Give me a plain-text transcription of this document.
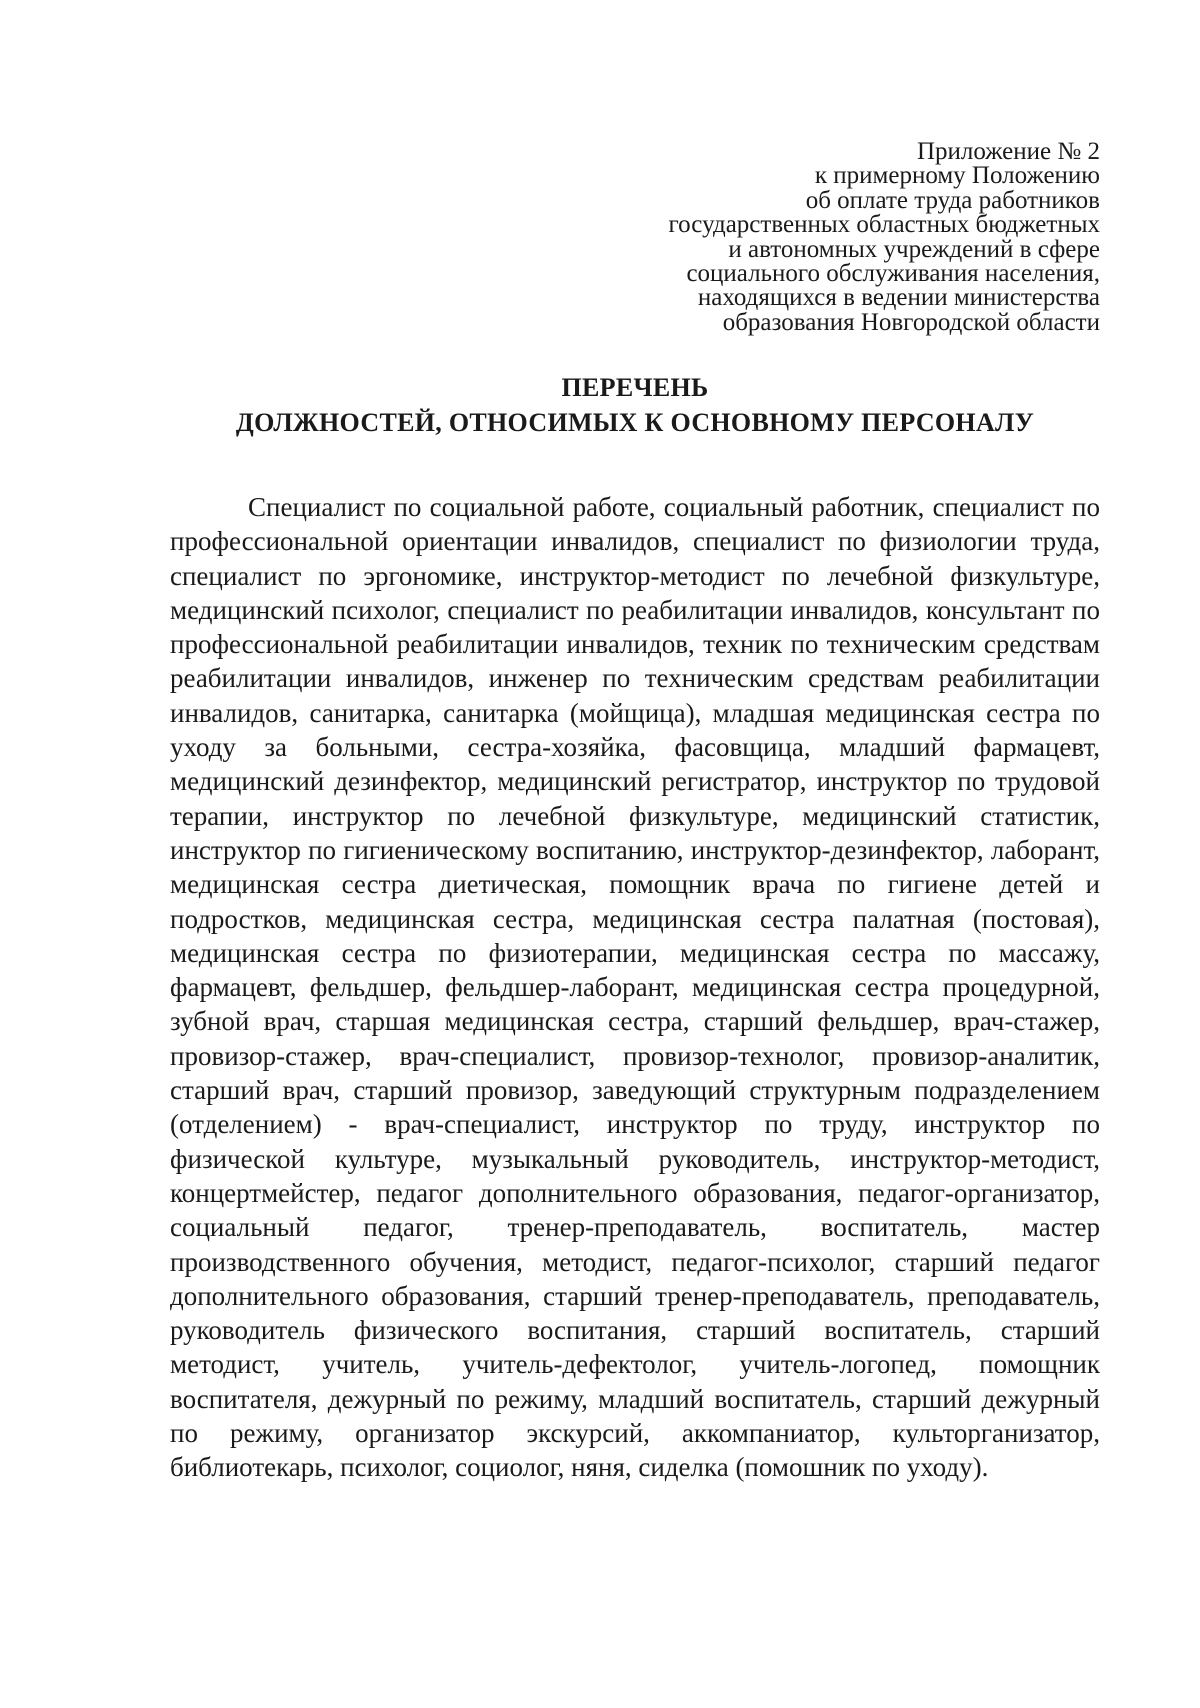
Приложение № 2
к примерному Положению
об оплате труда работников
государственных областных бюджетных
и автономных учреждений в сфере
социального обслуживания населения,
находящихся в ведении министерства
образования Новгородской области
ПЕРЕЧЕНЬ
ДОЛЖНОСТЕЙ, ОТНОСИМЫХ К ОСНОВНОМУ ПЕРСОНАЛУ
Специалист по социальной работе, социальный работник, специалист по профессиональной ориентации инвалидов, специалист по физиологии труда, специалист по эргономике, инструктор-методист по лечебной физкультуре, медицинский психолог, специалист по реабилитации инвалидов, консультант по профессиональной реабилитации инвалидов, техник по техническим средствам реабилитации инвалидов, инженер по техническим средствам реабилитации инвалидов, санитарка, санитарка (мойщица), младшая медицинская сестра по уходу за больными, сестра-хозяйка, фасовщица, младший фармацевт, медицинский дезинфектор, медицинский регистратор, инструктор по трудовой терапии, инструктор по лечебной физкультуре, медицинский статистик, инструктор по гигиеническому воспитанию, инструктор-дезинфектор, лаборант, медицинская сестра диетическая, помощник врача по гигиене детей и подростков, медицинская сестра, медицинская сестра палатная (постовая), медицинская сестра по физиотерапии, медицинская сестра по массажу, фармацевт, фельдшер, фельдшер-лаборант, медицинская сестра процедурной, зубной врач, старшая медицинская сестра, старший фельдшер, врач-стажер, провизор-стажер, врач-специалист, провизор-технолог, провизор-аналитик, старший врач, старший провизор, заведующий структурным подразделением (отделением) - врач-специалист, инструктор по труду, инструктор по физической культуре, музыкальный руководитель, инструктор-методист, концертмейстер, педагог дополнительного образования, педагог-организатор, социальный педагог, тренер-преподаватель, воспитатель, мастер производственного обучения, методист, педагог-психолог, старший педагог дополнительного образования, старший тренер-преподаватель, преподаватель, руководитель физического воспитания, старший воспитатель, старший методист, учитель, учитель-дефектолог, учитель-логопед, помощник воспитателя, дежурный по режиму, младший воспитатель, старший дежурный по режиму, организатор экскурсий, аккомпаниатор, культорганизатор, библиотекарь, психолог, социолог, няня, сиделка (помошник по уходу).
